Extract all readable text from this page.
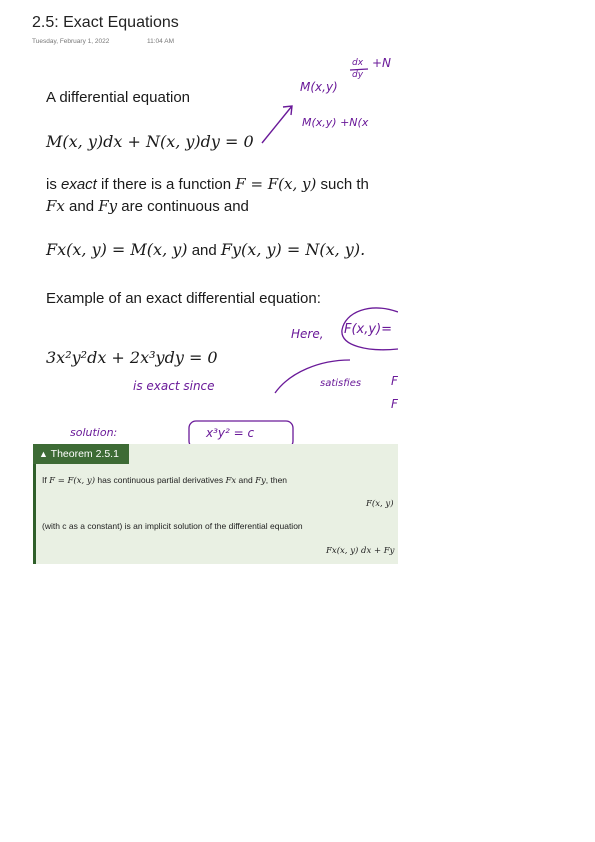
2.5: Exact Equations
Tuesday, February 1, 2022	11:04 AM
A differential equation
M(x, y)dx + N(x, y)dy = 0
is exact if there is a function F = F(x, y) such th
Fx and Fy are continuous and
Fx(x, y) = M(x, y) and Fy(x, y) = N(x, y).
Example of an exact differential equation:
3x²y²dx + 2x³ydy = 0
M(x,y)
dx
dy
+N
M(x,y) +N(x
Here, F(x,y)=
is exact since	satisfies F
F
solution:	x³y² = c
▲ Theorem 2.5.1
If F = F(x, y) has continuous partial derivatives Fx and Fy, then
F(x, y)
(with c as a constant) is an implicit solution of the differential equation
Fx(x, y) dx + Fy
